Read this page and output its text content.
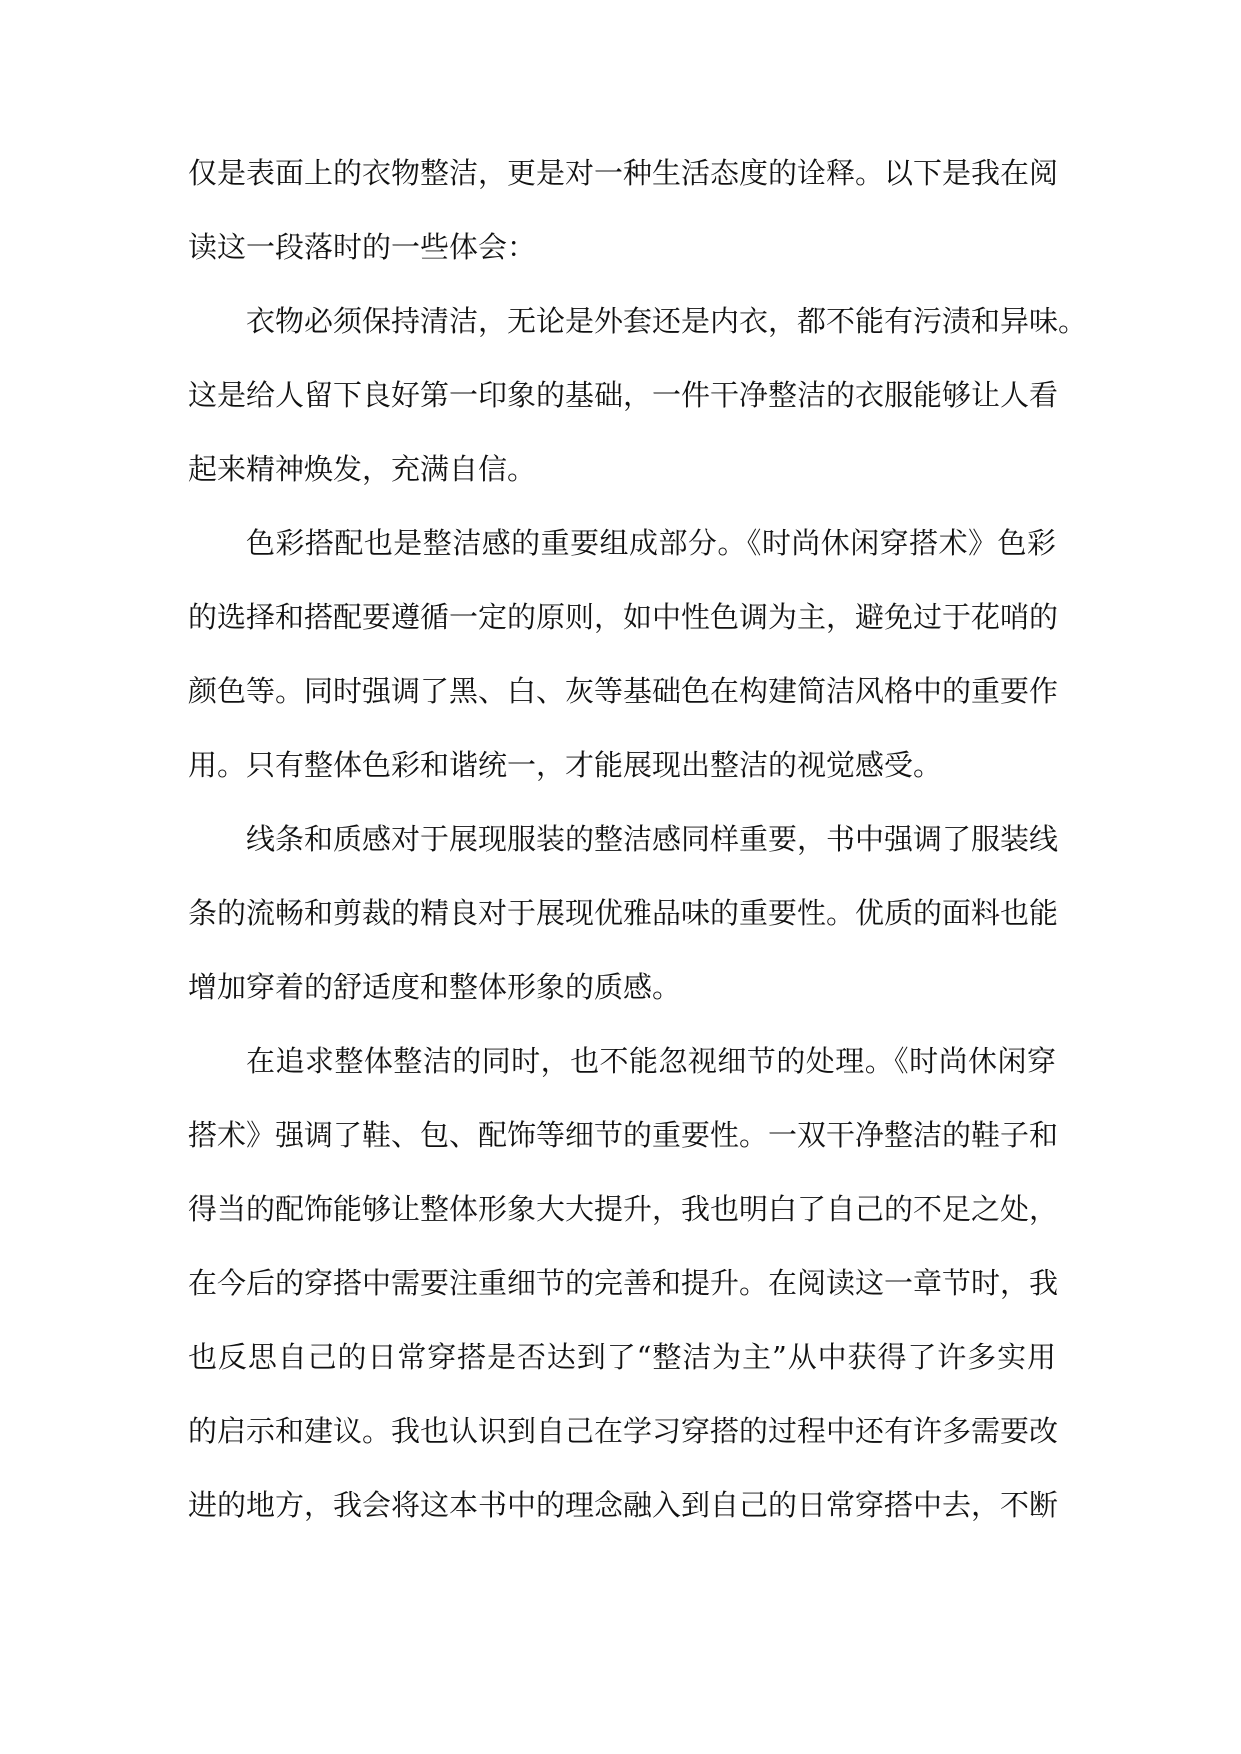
仅是表面上的衣物整洁，更是对一种生活态度的诠释。以下是我在阅
读这一段落时的一些体会：
衣物必须保持清洁，无论是外套还是内衣，都不能有污渍和异味。
这是给人留下良好第一印象的基础，一件干净整洁的衣服能够让人看
起来精神焕发，充满自信。
色彩搭配也是整洁感的重要组成部分。《时尚休闲穿搭术》色彩
的选择和搭配要遵循一定的原则，如中性色调为主，避免过于花哨的
颜色等。同时强调了黑、白、灰等基础色在构建简洁风格中的重要作
用。只有整体色彩和谐统一，才能展现出整洁的视觉感受。
线条和质感对于展现服装的整洁感同样重要，书中强调了服装线
条的流畅和剪裁的精良对于展现优雅品味的重要性。优质的面料也能
增加穿着的舒适度和整体形象的质感。
在追求整体整洁的同时，也不能忽视细节的处理。《时尚休闲穿
搭术》强调了鞋、包、配饰等细节的重要性。一双干净整洁的鞋子和
得当的配饰能够让整体形象大大提升，我也明白了自己的不足之处，
在今后的穿搭中需要注重细节的完善和提升。在阅读这一章节时，我
也反思自己的日常穿搭是否达到了“整洁为主”从中获得了许多实用
的启示和建议。我也认识到自己在学习穿搭的过程中还有许多需要改
进的地方，我会将这本书中的理念融入到自己的日常穿搭中去，不断
